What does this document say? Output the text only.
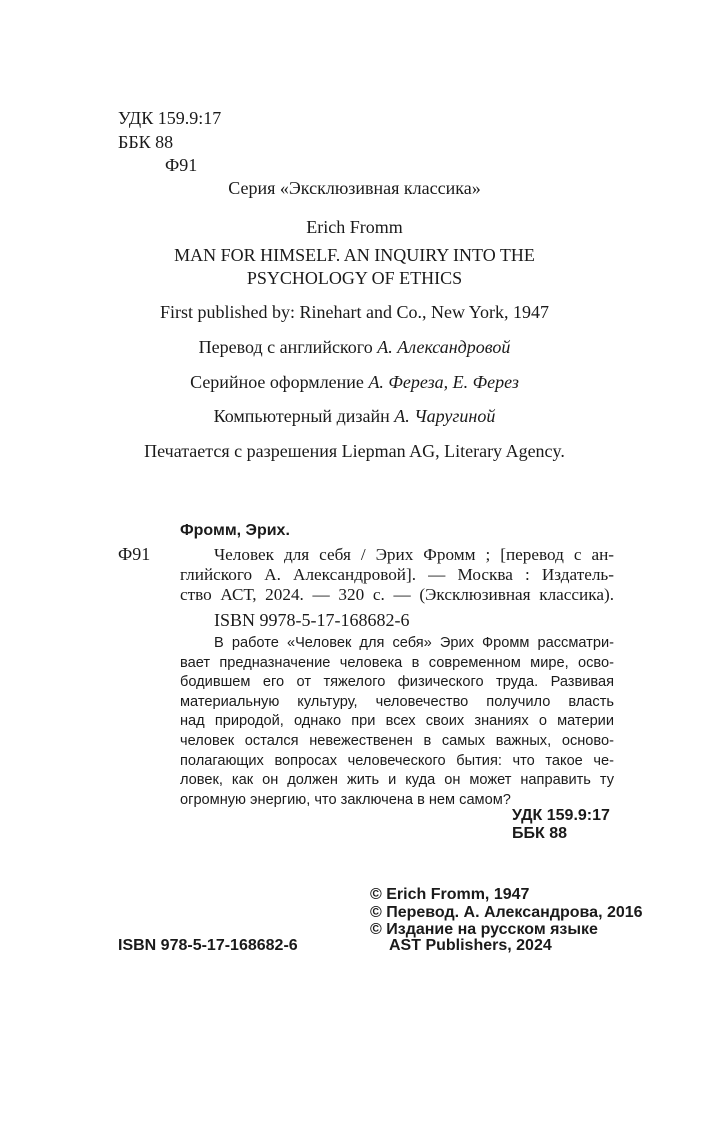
УДК 159.9:17
ББК 88
Ф91
Серия «Эксклюзивная классика»
Erich Fromm
MAN FOR HIMSELF. AN INQUIRY INTO THE
PSYCHOLOGY OF ETHICS
First published by: Rinehart and Co., New York, 1947
Перевод с английского А. Александровой
Серийное оформление А. Фереза, Е. Ферез
Компьютерный дизайн А. Чаругиной
Печатается с разрешения Liepman AG, Literary Agency.
Фромм, Эрих.
Ф91	Человек для себя / Эрих Фромм ; [перевод с ан-
глийского А. Александровой]. — Москва : Издатель-
ство АСТ, 2024. — 320 с. — (Эксклюзивная классика).
ISBN 9978-5-17-168682-6
В работе «Человек для себя» Эрих Фромм рассматри-
вает предназначение человека в современном мире, осво-
бодившем его от тяжелого физического труда. Развивая
материальную культуру, человечество получило власть
над природой, однако при всех своих знаниях о материи
человек остался невежественен в самых важных, осново-
полагающих вопросах человеческого бытия: что такое че-
ловек, как он должен жить и куда он может направить ту
огромную энергию, что заключена в нем самом?
УДК 159.9:17
ББК 88
© Erich Fromm, 1947
© Перевод. А. Александрова, 2016
© Издание на русском языке
AST Publishers, 2024
ISBN 978-5-17-168682-6
